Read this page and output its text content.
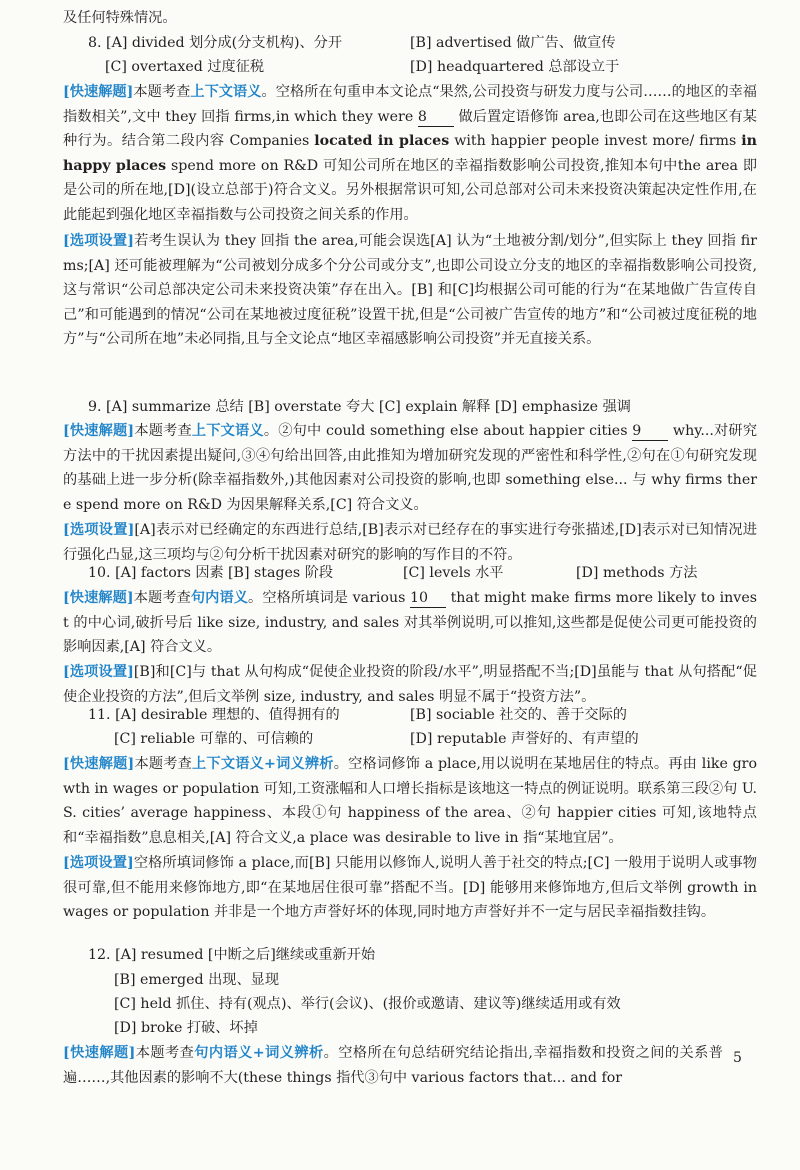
及任何特殊情况。
8. [A] divided 划分成(分支机构)、分开	[B] advertised 做广告、做宣传
[C] overtaxed 过度征税	[D] headquartered 总部设立于
[快速解题]本题考查上下文语义。空格所在句重申本文论点“果然,公司投资与研发力度与公司……的地区的幸福指数相关”,文中 they 回指 firms,in which they were 8 做后置定语修饰 area,也即公司在这些地区有某种行为。结合第二段内容 Companies located in places with happier people invest more/ firms in happy places spend more on R&D 可知公司所在地区的幸福指数影响公司投资,推知本句中the area 即是公司的所在地,[D](设立总部于)符合文义。另外根据常识可知,公司总部对公司未来投资决策起决定性作用,在此能起到强化地区幸福指数与公司投资之间关系的作用。
[选项设置]若考生误认为 they 回指 the area,可能会误选[A] 认为“土地被分割/划分”,但实际上 they 回指 firms;[A] 还可能被理解为“公司被划分成多个分公司或分支”,也即公司设立分支的地区的幸福指数影响公司投资,这与常识“公司总部决定公司未来投资决策”存在出入。[B] 和[C]均根据公司可能的行为“在某地做广告宣传自己”和可能遇到的情况“公司在某地被过度征税”设置干扰,但是“公司被广告宣传的地方”和“公司被过度征税的地方”与“公司所在地”未必同指,且与全文论点“地区幸福感影响公司投资”并无直接关系。
9. [A] summarize 总结 [B] overstate 夸大 [C] explain 解释 [D] emphasize 强调
[快速解题]本题考查上下文语义。②句中 could something else about happier cities 9 why...对研究方法中的干扰因素提出疑问,③④句给出回答,由此推知为增加研究发现的严密性和科学性,②句在①句研究发现的基础上进一步分析(除幸福指数外,)其他因素对公司投资的影响,也即 something else... 与 why firms there spend more on R&D 为因果解释关系,[C] 符合文义。
[选项设置][A]表示对已经确定的东西进行总结,[B]表示对已经存在的事实进行夸张描述,[D]表示对已知情况进行强化凸显,这三项均与②句分析干扰因素对研究的影响的写作目的不符。
10. [A] factors 因素 [B] stages 阶段	[C] levels 水平	[D] methods 方法
[快速解题]本题考查句内语义。空格所填词是 various 10 that might make firms more likely to invest 的中心词,破折号后 like size, industry, and sales 对其举例说明,可以推知,这些都是促使公司更可能投资的影响因素,[A] 符合文义。
[选项设置][B]和[C]与 that 从句构成“促使企业投资的阶段/水平”,明显搭配不当;[D]虽能与 that 从句搭配“促使企业投资的方法”,但后文举例 size, industry, and sales 明显不属于“投资方法”。
11. [A] desirable 理想的、值得拥有的	[B] sociable 社交的、善于交际的
[C] reliable 可靠的、可信赖的	[D] reputable 声誉好的、有声望的
[快速解题]本题考查上下文语义+词义辨析。空格词修饰 a place,用以说明在某地居住的特点。再由 like growth in wages or population 可知,工资涨幅和人口增长指标是该地这一特点的例证说明。联系第三段②句 U. S. cities’ average happiness、本段①句 happiness of the area、②句 happier cities 可知,该地特点和“幸福指数”息息相关,[A] 符合文义,a place was desirable to live in 指“某地宜居”。
[选项设置]空格所填词修饰 a place,而[B] 只能用以修饰人,说明人善于社交的特点;[C] 一般用于说明人或事物很可靠,但不能用来修饰地方,即“在某地居住很可靠”搭配不当。[D] 能够用来修饰地方,但后文举例 growth in wages or population 并非是一个地方声誉好坏的体现,同时地方声誉好并不一定与居民幸福指数挂钩。
12. [A] resumed [中断之后]继续或重新开始
[B] emerged 出现、显现
[C] held 抓住、持有(观点)、举行(会议)、(报价或邀请、建议等)继续适用或有效
[D] broke 打破、坏掉
[快速解题]本题考查句内语义+词义辨析。空格所在句总结研究结论指出,幸福指数和投资之间的关系普遍……,其他因素的影响不大(these things 指代③句中 various factors that... and for
5
